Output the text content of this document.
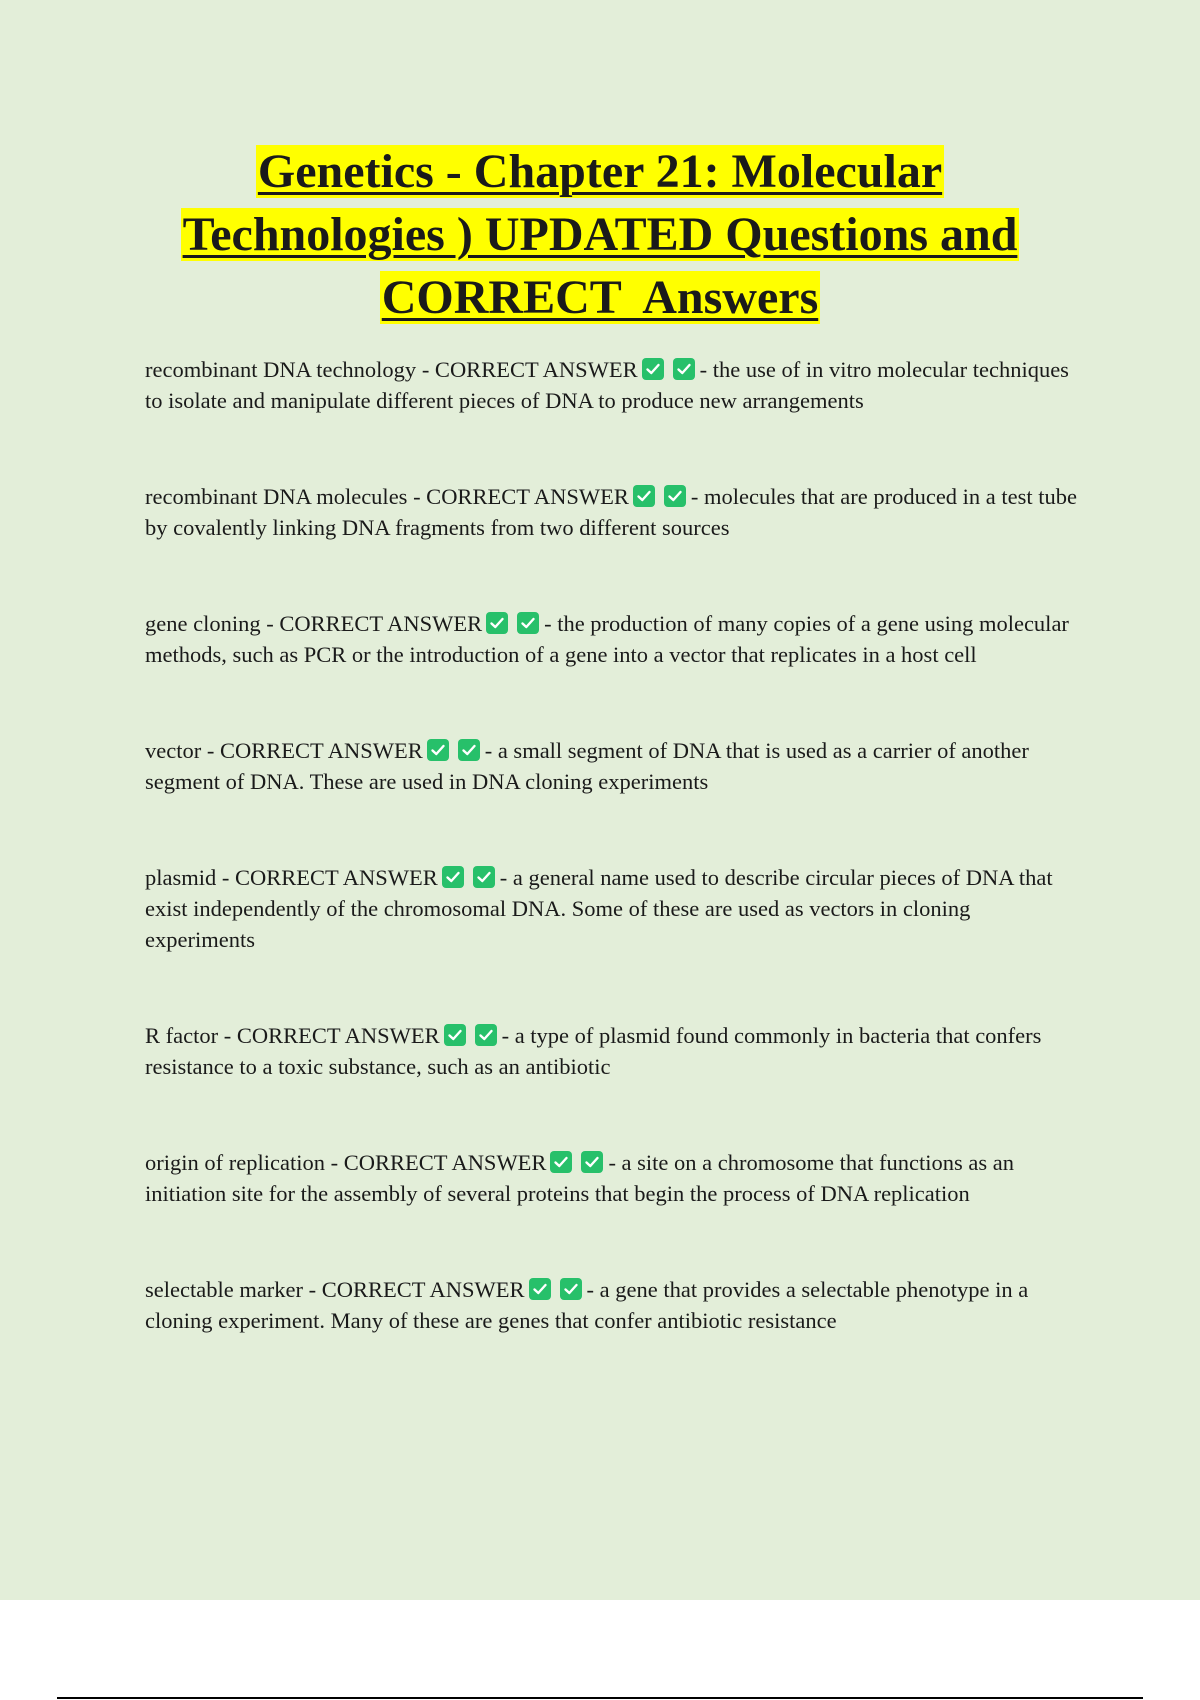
Genetics - Chapter 21: Molecular
Technologies ) UPDATED Questions and
CORRECT  Answers

recombinant DNA technology - CORRECT ANSWER	- the use of in vitro molecular techniques to isolate and manipulate different pieces of DNA to produce new arrangements

recombinant DNA molecules - CORRECT ANSWER	- molecules that are produced in a test tube by covalently linking DNA fragments from two different sources

gene cloning - CORRECT ANSWER	- the production of many copies of a gene using molecular methods, such as PCR or the introduction of a gene into a vector that replicates in a host cell

vector - CORRECT ANSWER	- a small segment of DNA that is used as a carrier of another segment of DNA. These are used in DNA cloning experiments

plasmid - CORRECT ANSWER	- a general name used to describe circular pieces of DNA that exist independently of the chromosomal DNA. Some of these are used as vectors in cloning experiments

R factor - CORRECT ANSWER	- a type of plasmid found commonly in bacteria that confers resistance to a toxic substance, such as an antibiotic

origin of replication - CORRECT ANSWER	- a site on a chromosome that functions as an initiation site for the assembly of several proteins that begin the process of DNA replication

selectable marker - CORRECT ANSWER	- a gene that provides a selectable phenotype in a cloning experiment. Many of these are genes that confer antibiotic resistance
